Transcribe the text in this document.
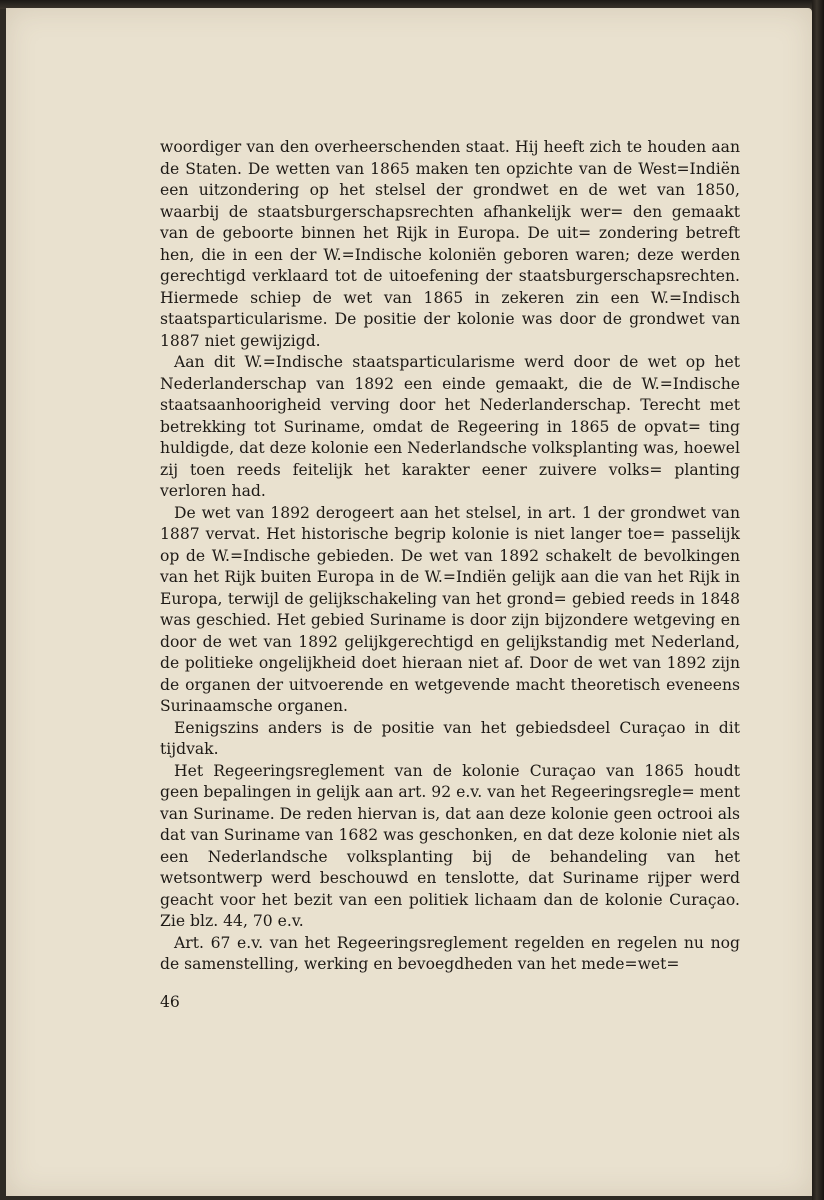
woordiger van den overheerschenden staat. Hij heeft zich te houden aan de Staten. De wetten van 1865 maken ten opzichte van de West=Indiën een uitzondering op het stelsel der grondwet en de wet van 1850, waarbij de staatsburgerschapsrechten afhankelijk wer= den gemaakt van de geboorte binnen het Rijk in Europa. De uit= zondering betreft hen, die in een der W.=Indische koloniën geboren waren; deze werden gerechtigd verklaard tot de uitoefening der staatsburgerschapsrechten. Hiermede schiep de wet van 1865 in zekeren zin een W.=Indisch staatsparticularisme. De positie der kolonie was door de grondwet van 1887 niet gewijzigd.

Aan dit W.=Indische staatsparticularisme werd door de wet op het Nederlanderschap van 1892 een einde gemaakt, die de W.=Indische staatsaanhoorigheid verving door het Nederlanderschap. Terecht met betrekking tot Suriname, omdat de Regeering in 1865 de opvat= ting huldigde, dat deze kolonie een Nederlandsche volksplanting was, hoewel zij toen reeds feitelijk het karakter eener zuivere volks= planting verloren had.

De wet van 1892 derogeert aan het stelsel, in art. 1 der grondwet van 1887 vervat. Het historische begrip kolonie is niet langer toe= passelijk op de W.=Indische gebieden. De wet van 1892 schakelt de bevolkingen van het Rijk buiten Europa in de W.=Indiën gelijk aan die van het Rijk in Europa, terwijl de gelijkschakeling van het grond= gebied reeds in 1848 was geschied. Het gebied Suriname is door zijn bijzondere wetgeving en door de wet van 1892 gelijkgerechtigd en gelijkstandig met Nederland, de politieke ongelijkheid doet hieraan niet af. Door de wet van 1892 zijn de organen der uitvoerende en wetgevende macht theoretisch eveneens Surinaamsche organen.

Eenigszins anders is de positie van het gebiedsdeel Curaçao in dit tijdvak.

Het Regeeringsreglement van de kolonie Curaçao van 1865 houdt geen bepalingen in gelijk aan art. 92 e.v. van het Regeeringsregle= ment van Suriname. De reden hiervan is, dat aan deze kolonie geen octrooi als dat van Suriname van 1682 was geschonken, en dat deze kolonie niet als een Nederlandsche volksplanting bij de behandeling van het wetsontwerp werd beschouwd en tenslotte, dat Suriname rijper werd geacht voor het bezit van een politiek lichaam dan de kolonie Curaçao. Zie blz. 44, 70 e.v.

Art. 67 e.v. van het Regeeringsreglement regelden en regelen nu nog de samenstelling, werking en bevoegdheden van het mede=wet=

46
